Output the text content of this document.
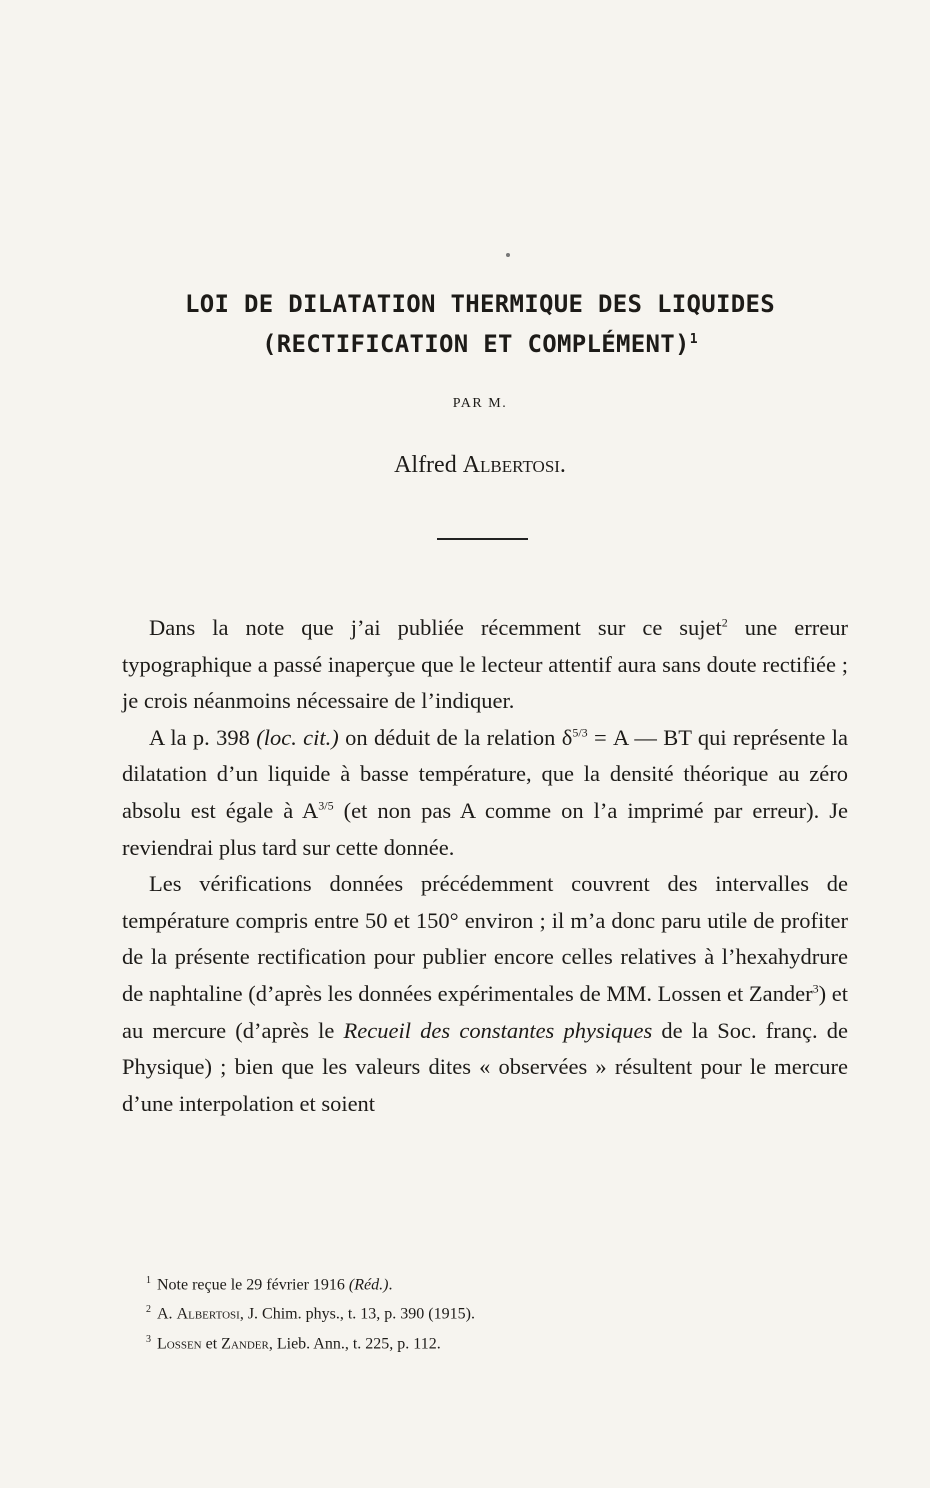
LOI DE DILATATION THERMIQUE DES LIQUIDES
(RECTIFICATION ET COMPLÉMENT)$^1$
PAR M.
Alfred Albertosi.

Dans la note que j’ai publiée récemment sur ce sujet$^2$ une erreur typographique a passé inaperçue que le lecteur attentif aura sans doute rectifiée ; je crois néanmoins nécessaire de l’indiquer.

A la p. 398 (loc. cit.) on déduit de la relation $\delta^{5/3} = A$ — BT qui représente la dilatation d’un liquide à basse température, que la densité théorique au zéro absolu est égale à $A^{3/5}$ (et non pas A comme on l’a imprimé par erreur). Je reviendrai plus tard sur cette donnée.

Les vérifications données précédemment couvrent des intervalles de température compris entre 50 et 150° environ ; il m’a donc paru utile de profiter de la présente rectification pour publier encore celles relatives à l’hexahydrure de naphtaline (d’après les données expérimentales de MM. Lossen et Zander$^3$) et au mercure (d’après le Recueil des constantes physiques de la Soc. franç. de Physique) ; bien que les valeurs dites « observées » résultent pour le mercure d’une interpolation et soient

$^1$ Note reçue le 29 février 1916 (Réd.).
$^2$ A. Albertosi, J. Chim. phys., t. 13, p. 390 (1915).
$^3$ Lossen et Zander, Lieb. Ann., t. 225, p. 112.
